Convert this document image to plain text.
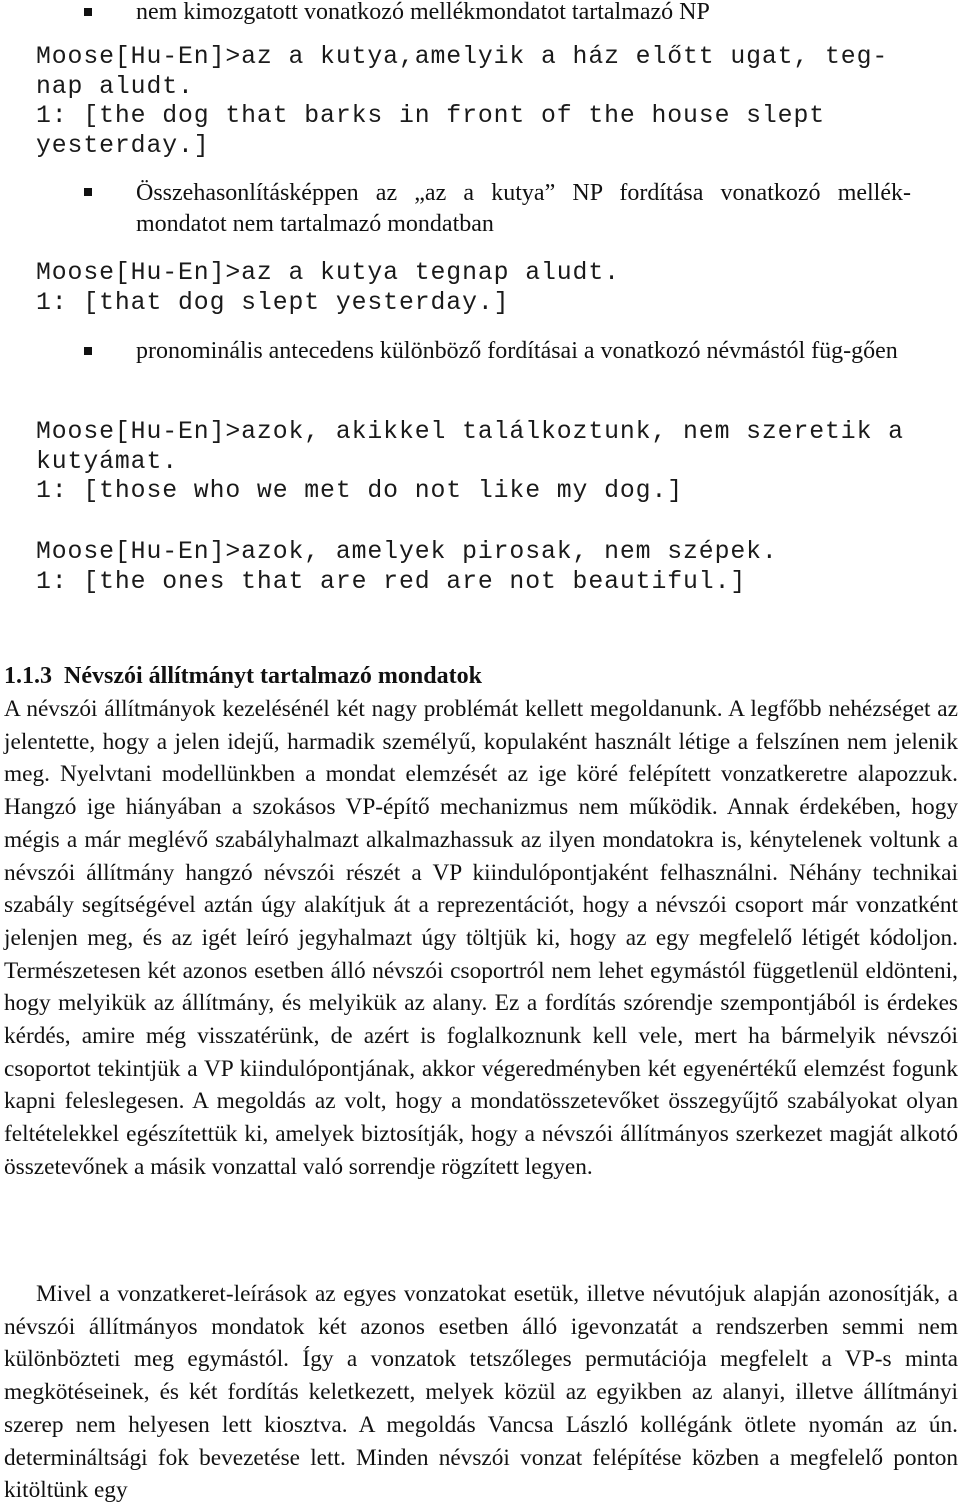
nem kimozgatott vonatkozó mellékmondatot tartalmazó NP
Moose[Hu-En]>az a kutya,amelyik a ház előtt ugat, teg-
nap aludt.
1: [the dog that barks in front of the house slept
yesterday.]
Összehasonlításképpen az „az a kutya” NP fordítása vonatkozó mellék-mondatot nem tartalmazó mondatban
Moose[Hu-En]>az a kutya tegnap aludt.
1: [that dog slept yesterday.]
pronominális antecedens különböző fordításai a vonatkozó névmástól füg-gően
Moose[Hu-En]>azok, akikkel találkoztunk, nem szeretik a
kutyámat.
1: [those who we met do not like my dog.]
Moose[Hu-En]>azok, amelyek pirosak, nem szépek.
1: [the ones that are red are not beautiful.]
1.1.3 Névszói állítmányt tartalmazó mondatok

A névszói állítmányok kezelésénél két nagy problémát kellett megoldanunk. A legfőbb nehézséget az jelentette, hogy a jelen idejű, harmadik személyű, kopulaként használt létige a felszínen nem jelenik meg. Nyelvtani modellünkben a mondat elemzését az ige köré felépített vonzatkeretre alapozzuk. Hangzó ige hiányában a szokásos VP-építő mechanizmus nem működik. Annak érdekében, hogy mégis a már meglévő szabályhalmazt alkalmazhassuk az ilyen mondatokra is, kénytelenek voltunk a névszói állítmány hangzó névszói részét a VP kiindulópontjaként felhasználni. Néhány technikai szabály segítségével aztán úgy alakítjuk át a reprezentációt, hogy a névszói csoport már vonzatként jelenjen meg, és az igét leíró jegyhalmazt úgy töltjük ki, hogy az egy megfelelő létigét kódoljon. Természetesen két azonos esetben álló névszói csoportról nem lehet egymástól függetlenül eldönteni, hogy melyikük az állítmány, és melyikük az alany. Ez a fordítás szórendje szempontjából is érdekes kérdés, amire még visszatérünk, de azért is foglalkoznunk kell vele, mert ha bármelyik névszói csoportot tekintjük a VP kiindulópontjának, akkor végeredményben két egyenértékű elemzést fogunk kapni feleslegesen. A megoldás az volt, hogy a mondatösszetevőket összegyűjtő szabályokat olyan feltételekkel egészítettük ki, amelyek biztosítják, hogy a névszói állítmányos szerkezet magját alkotó összetevőnek a másik vonzattal való sorrendje rögzített legyen.

Mivel a vonzatkeret-leírások az egyes vonzatokat esetük, illetve névutójuk alapján azonosítják, a névszói állítmányos mondatok két azonos esetben álló igevonzatát a rendszerben semmi nem különbözteti meg egymástól. Így a vonzatok tetszőleges permutációja megfelelt a VP-s minta megkötéseinek, és két fordítás keletkezett, melyek közül az egyikben az alanyi, illetve állítmányi szerep nem helyesen lett kiosztva. A megoldás Vancsa László kollégánk ötlete nyomán az ún. determináltsági fok bevezetése lett. Minden névszói vonzat felépítése közben a megfelelő ponton kitöltünk egy
